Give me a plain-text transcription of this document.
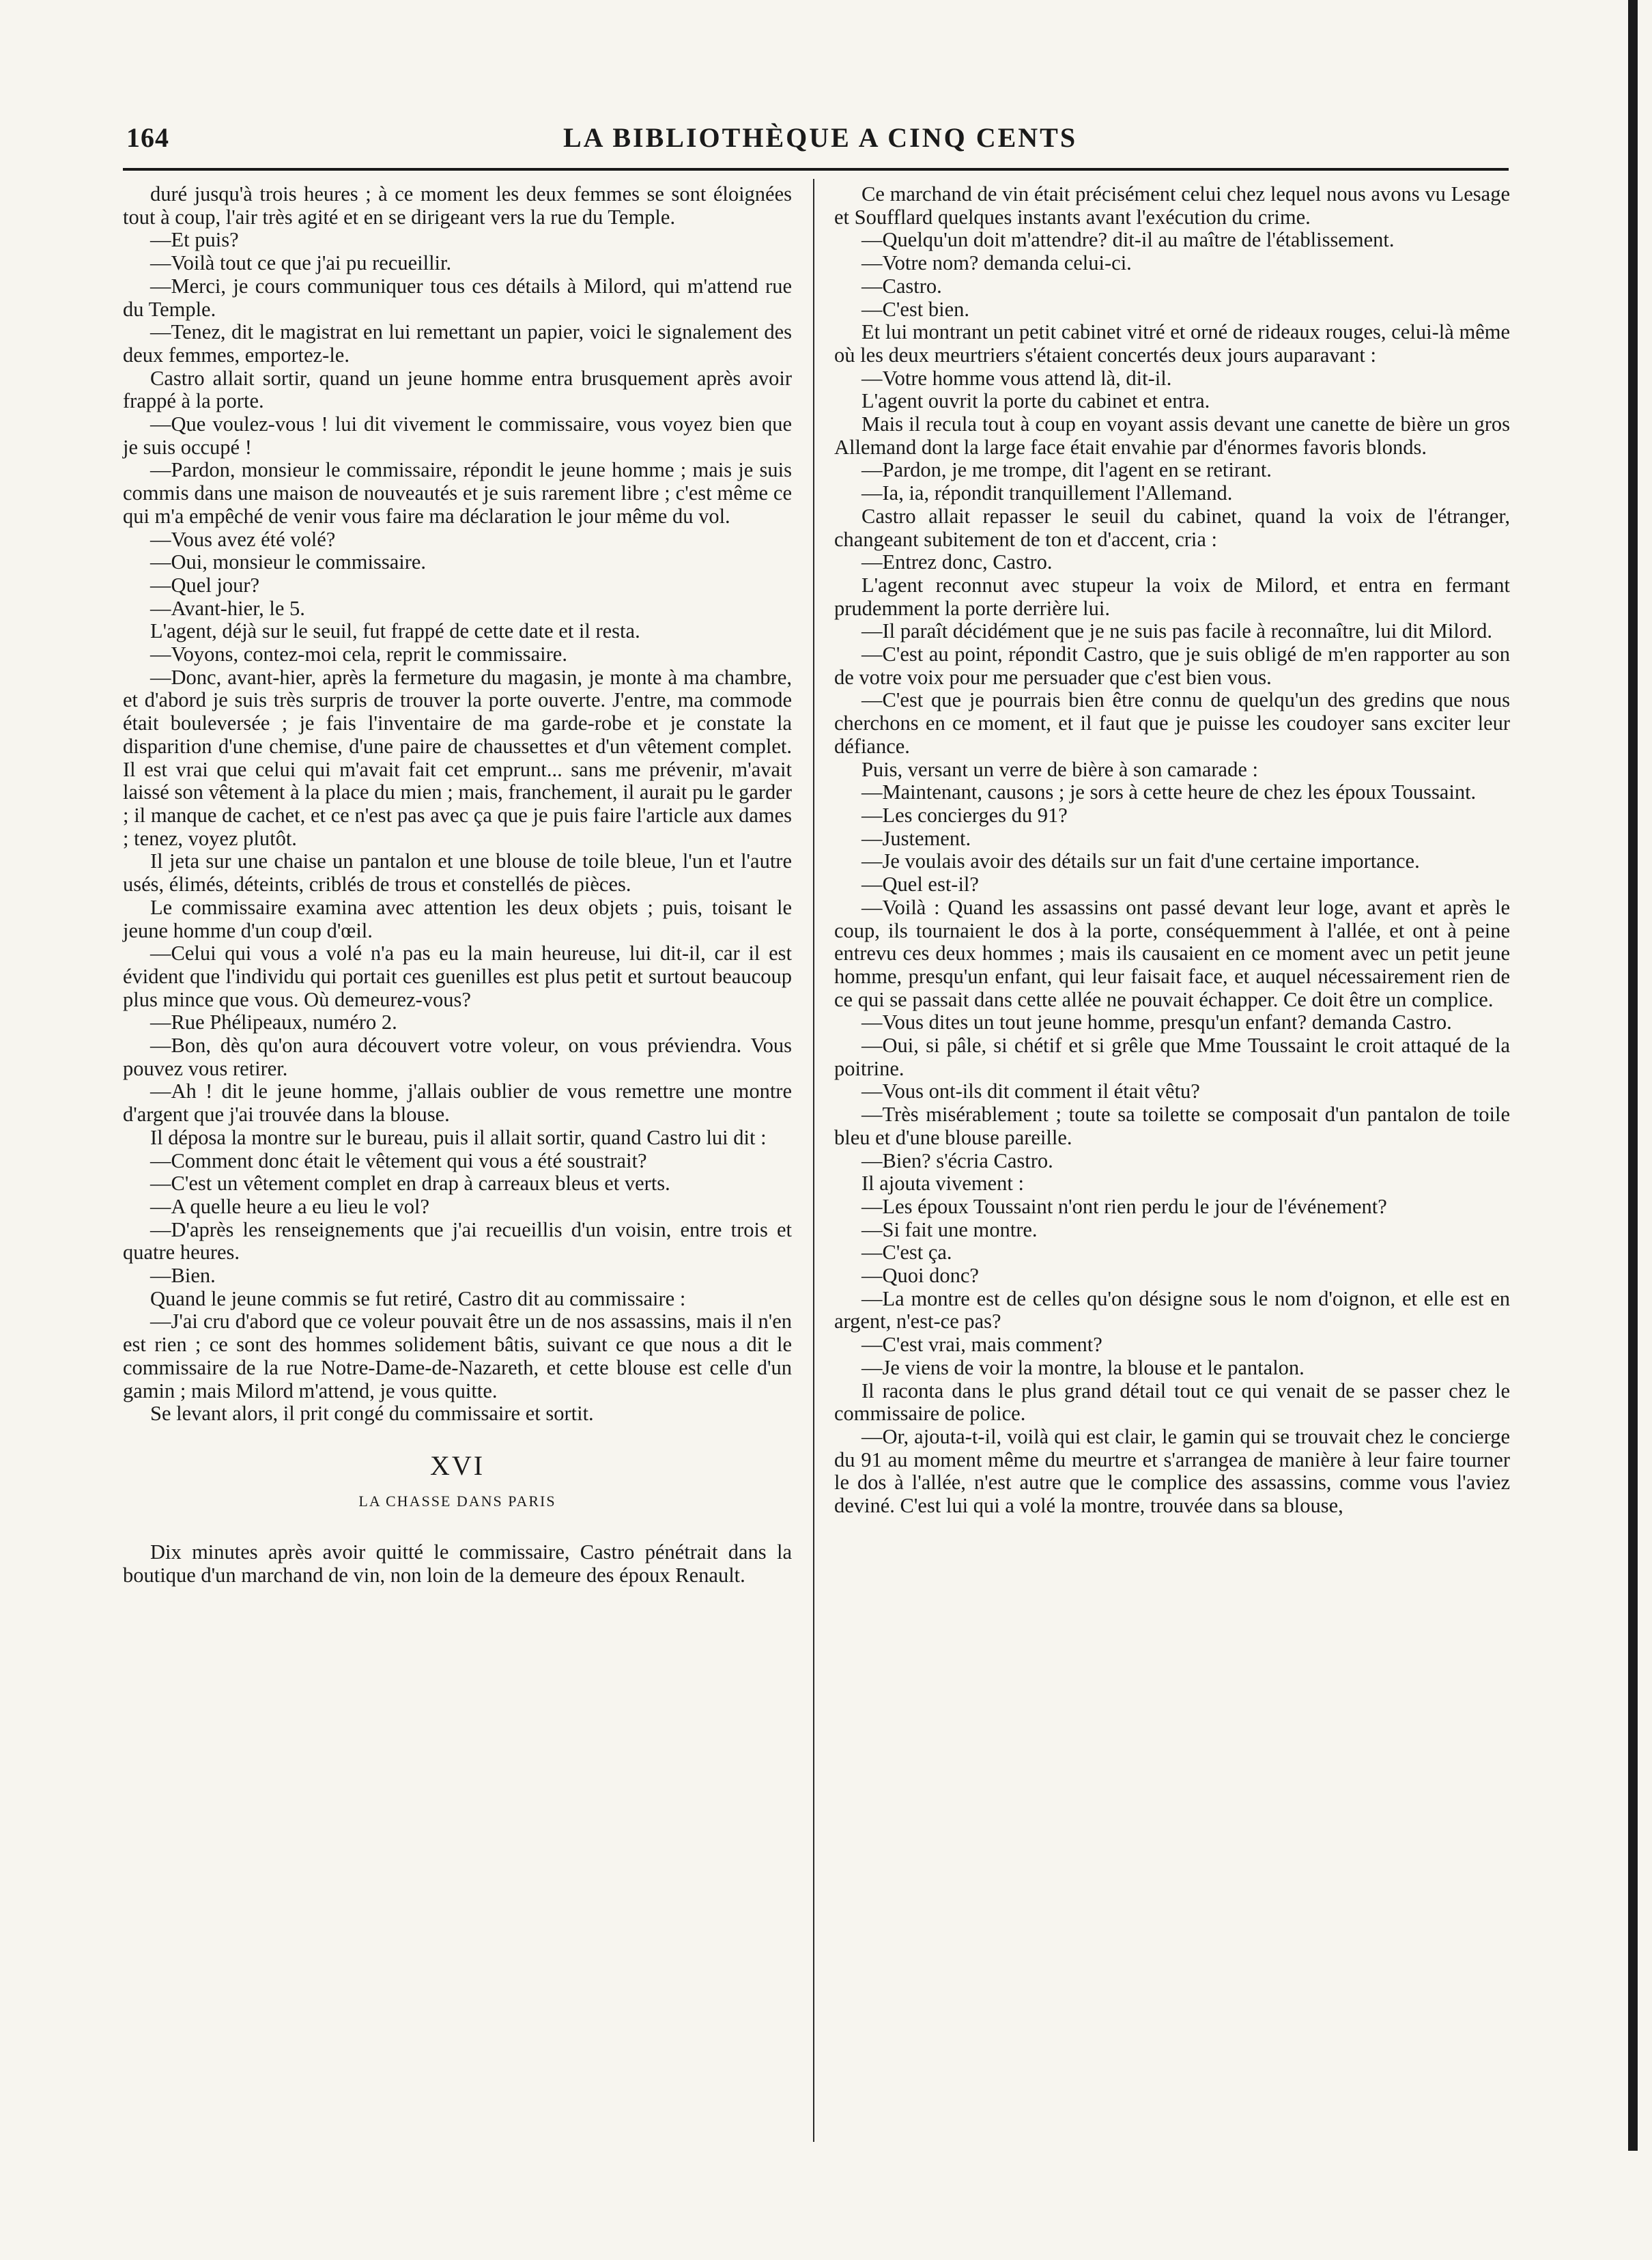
164	LA BIBLIOTHÈQUE A CINQ CENTS

duré jusqu'à trois heures ; à ce moment les deux femmes se sont éloignées tout à coup, l'air très agité et en se dirigeant vers la rue du Temple.

—Et puis?

—Voilà tout ce que j'ai pu recueillir.

—Merci, je cours communiquer tous ces détails à Milord, qui m'attend rue du Temple.

—Tenez, dit le magistrat en lui remettant un papier, voici le signalement des deux femmes, emportez-le.

Castro allait sortir, quand un jeune homme entra brusquement après avoir frappé à la porte.

—Que voulez-vous ! lui dit vivement le commissaire, vous voyez bien que je suis occupé !

—Pardon, monsieur le commissaire, répondit le jeune homme ; mais je suis commis dans une maison de nouveautés et je suis rarement libre ; c'est même ce qui m'a empêché de venir vous faire ma déclaration le jour même du vol.

—Vous avez été volé?

—Oui, monsieur le commissaire.

—Quel jour?

—Avant-hier, le 5.

L'agent, déjà sur le seuil, fut frappé de cette date et il resta.

—Voyons, contez-moi cela, reprit le commissaire.

—Donc, avant-hier, après la fermeture du magasin, je monte à ma chambre, et d'abord je suis très surpris de trouver la porte ouverte. J'entre, ma commode était bouleversée ; je fais l'inventaire de ma garde-robe et je constate la disparition d'une chemise, d'une paire de chaussettes et d'un vêtement complet. Il est vrai que celui qui m'avait fait cet emprunt... sans me prévenir, m'avait laissé son vêtement à la place du mien ; mais, franchement, il aurait pu le garder ; il manque de cachet, et ce n'est pas avec ça que je puis faire l'article aux dames ; tenez, voyez plutôt.

Il jeta sur une chaise un pantalon et une blouse de toile bleue, l'un et l'autre usés, élimés, déteints, criblés de trous et constellés de pièces.

Le commissaire examina avec attention les deux objets ; puis, toisant le jeune homme d'un coup d'œil.

—Celui qui vous a volé n'a pas eu la main heureuse, lui dit-il, car il est évident que l'individu qui portait ces guenilles est plus petit et surtout beaucoup plus mince que vous. Où demeurez-vous?

—Rue Phélipeaux, numéro 2.

—Bon, dès qu'on aura découvert votre voleur, on vous préviendra. Vous pouvez vous retirer.

—Ah ! dit le jeune homme, j'allais oublier de vous remettre une montre d'argent que j'ai trouvée dans la blouse.

Il déposa la montre sur le bureau, puis il allait sortir, quand Castro lui dit :

—Comment donc était le vêtement qui vous a été soustrait?

—C'est un vêtement complet en drap à carreaux bleus et verts.

—A quelle heure a eu lieu le vol?

—D'après les renseignements que j'ai recueillis d'un voisin, entre trois et quatre heures.

—Bien.

Quand le jeune commis se fut retiré, Castro dit au commissaire :

—J'ai cru d'abord que ce voleur pouvait être un de nos assassins, mais il n'en est rien ; ce sont des hommes solidement bâtis, suivant ce que nous a dit le commissaire de la rue Notre-Dame-de-Nazareth, et cette blouse est celle d'un gamin ; mais Milord m'attend, je vous quitte.

Se levant alors, il prit congé du commissaire et sortit.

XVI
LA CHASSE DANS PARIS

Dix minutes après avoir quitté le commissaire, Castro pénétrait dans la boutique d'un marchand de vin, non loin de la demeure des époux Renault.

Ce marchand de vin était précisément celui chez lequel nous avons vu Lesage et Soufflard quelques instants avant l'exécution du crime.

—Quelqu'un doit m'attendre? dit-il au maître de l'établissement.

—Votre nom? demanda celui-ci.

—Castro.

—C'est bien.

Et lui montrant un petit cabinet vitré et orné de rideaux rouges, celui-là même où les deux meurtriers s'étaient concertés deux jours auparavant :

—Votre homme vous attend là, dit-il.

L'agent ouvrit la porte du cabinet et entra.

Mais il recula tout à coup en voyant assis devant une canette de bière un gros Allemand dont la large face était envahie par d'énormes favoris blonds.

—Pardon, je me trompe, dit l'agent en se retirant.

—Ia, ia, répondit tranquillement l'Allemand.

Castro allait repasser le seuil du cabinet, quand la voix de l'étranger, changeant subitement de ton et d'accent, cria :

—Entrez donc, Castro.

L'agent reconnut avec stupeur la voix de Milord, et entra en fermant prudemment la porte derrière lui.

—Il paraît décidément que je ne suis pas facile à reconnaître, lui dit Milord.

—C'est au point, répondit Castro, que je suis obligé de m'en rapporter au son de votre voix pour me persuader que c'est bien vous.

—C'est que je pourrais bien être connu de quelqu'un des gredins que nous cherchons en ce moment, et il faut que je puisse les coudoyer sans exciter leur défiance.

Puis, versant un verre de bière à son camarade :

—Maintenant, causons ; je sors à cette heure de chez les époux Toussaint.

—Les concierges du 91?

—Justement.

—Je voulais avoir des détails sur un fait d'une certaine importance.

—Quel est-il?

—Voilà : Quand les assassins ont passé devant leur loge, avant et après le coup, ils tournaient le dos à la porte, conséquemment à l'allée, et ont à peine entrevu ces deux hommes ; mais ils causaient en ce moment avec un petit jeune homme, presqu'un enfant, qui leur faisait face, et auquel nécessairement rien de ce qui se passait dans cette allée ne pouvait échapper. Ce doit être un complice.

—Vous dites un tout jeune homme, presqu'un enfant? demanda Castro.

—Oui, si pâle, si chétif et si grêle que Mme Toussaint le croit attaqué de la poitrine.

—Vous ont-ils dit comment il était vêtu?

—Très misérablement ; toute sa toilette se composait d'un pantalon de toile bleu et d'une blouse pareille.

—Bien? s'écria Castro.

Il ajouta vivement :

—Les époux Toussaint n'ont rien perdu le jour de l'événement?

—Si fait une montre.

—C'est ça.

—Quoi donc?

—La montre est de celles qu'on désigne sous le nom d'oignon, et elle est en argent, n'est-ce pas?

—C'est vrai, mais comment?

—Je viens de voir la montre, la blouse et le pantalon.

Il raconta dans le plus grand détail tout ce qui venait de se passer chez le commissaire de police.

—Or, ajouta-t-il, voilà qui est clair, le gamin qui se trouvait chez le concierge du 91 au moment même du meurtre et s'arrangea de manière à leur faire tourner le dos à l'allée, n'est autre que le complice des assassins, comme vous l'aviez deviné. C'est lui qui a volé la montre, trouvée dans sa blouse,
